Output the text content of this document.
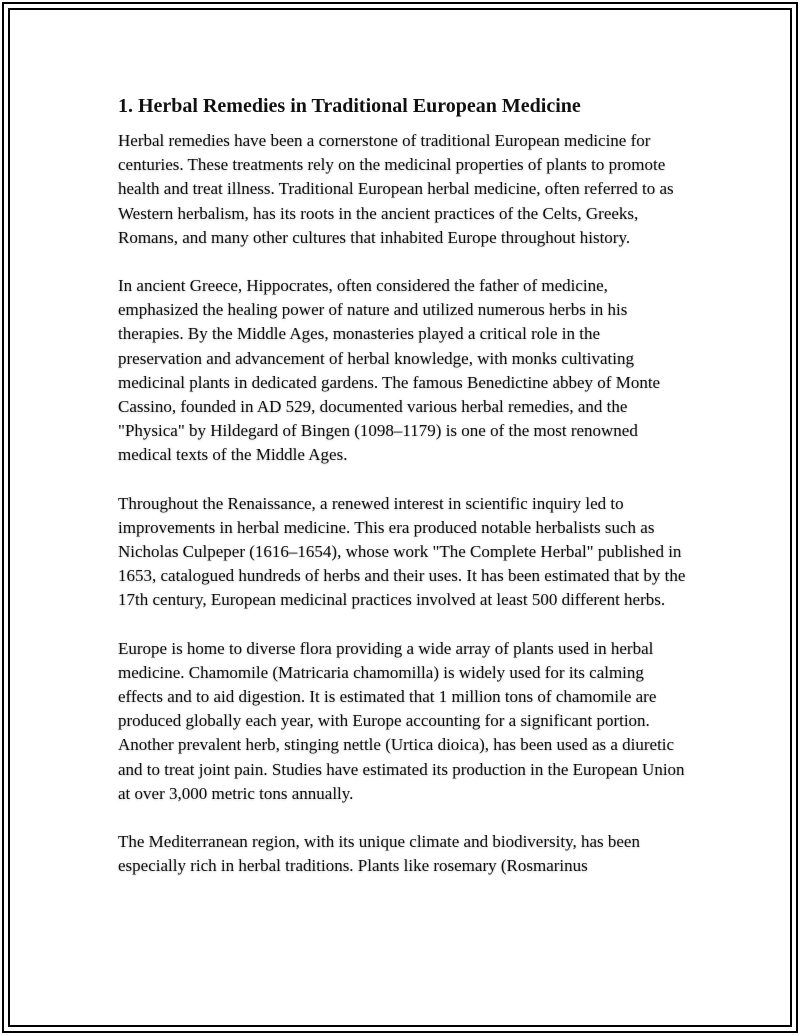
1. Herbal Remedies in Traditional European Medicine

Herbal remedies have been a cornerstone of traditional European medicine for centuries. These treatments rely on the medicinal properties of plants to promote health and treat illness. Traditional European herbal medicine, often referred to as Western herbalism, has its roots in the ancient practices of the Celts, Greeks, Romans, and many other cultures that inhabited Europe throughout history.

In ancient Greece, Hippocrates, often considered the father of medicine, emphasized the healing power of nature and utilized numerous herbs in his therapies. By the Middle Ages, monasteries played a critical role in the preservation and advancement of herbal knowledge, with monks cultivating medicinal plants in dedicated gardens. The famous Benedictine abbey of Monte Cassino, founded in AD 529, documented various herbal remedies, and the "Physica" by Hildegard of Bingen (1098–1179) is one of the most renowned medical texts of the Middle Ages.

Throughout the Renaissance, a renewed interest in scientific inquiry led to improvements in herbal medicine. This era produced notable herbalists such as Nicholas Culpeper (1616–1654), whose work "The Complete Herbal" published in 1653, catalogued hundreds of herbs and their uses. It has been estimated that by the 17th century, European medicinal practices involved at least 500 different herbs.

Europe is home to diverse flora providing a wide array of plants used in herbal medicine. Chamomile (Matricaria chamomilla) is widely used for its calming effects and to aid digestion. It is estimated that 1 million tons of chamomile are produced globally each year, with Europe accounting for a significant portion. Another prevalent herb, stinging nettle (Urtica dioica), has been used as a diuretic and to treat joint pain. Studies have estimated its production in the European Union at over 3,000 metric tons annually.

The Mediterranean region, with its unique climate and biodiversity, has been especially rich in herbal traditions. Plants like rosemary (Rosmarinus
